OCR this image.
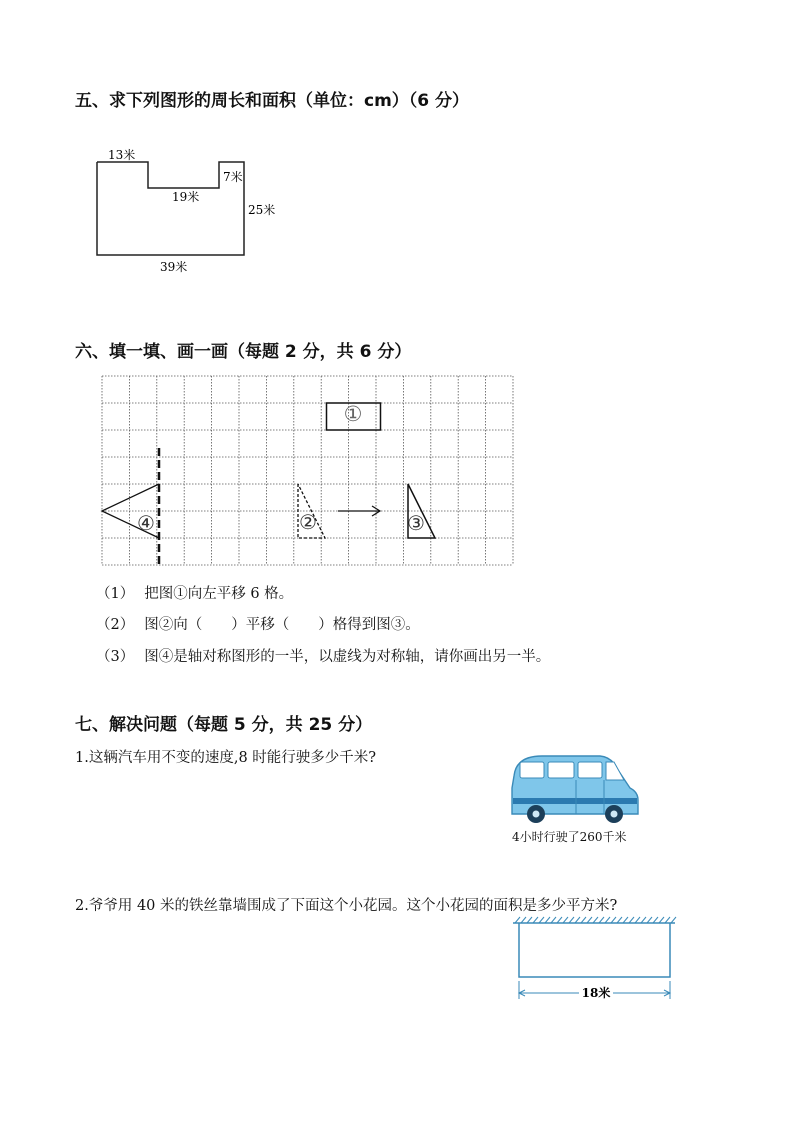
五、求下列图形的周长和面积（单位：cm）（6 分）
13米
7米
19米
25米
39米
六、填一填、画一画（每题 2 分，共 6 分）
①
②	③
④
（1） 把图①向左平移 6 格。
（2） 图②向（　　）平移（　　）格得到图③。
（3） 图④是轴对称图形的一半，以虚线为对称轴，请你画出另一半。
七、解决问题（每题 5 分，共 25 分）
1.这辆汽车用不变的速度,8 时能行驶多少千米?
4小时行驶了260千米
2.爷爷用 40 米的铁丝靠墙围成了下面这个小花园。这个小花园的面积是多少平方米?
18米
